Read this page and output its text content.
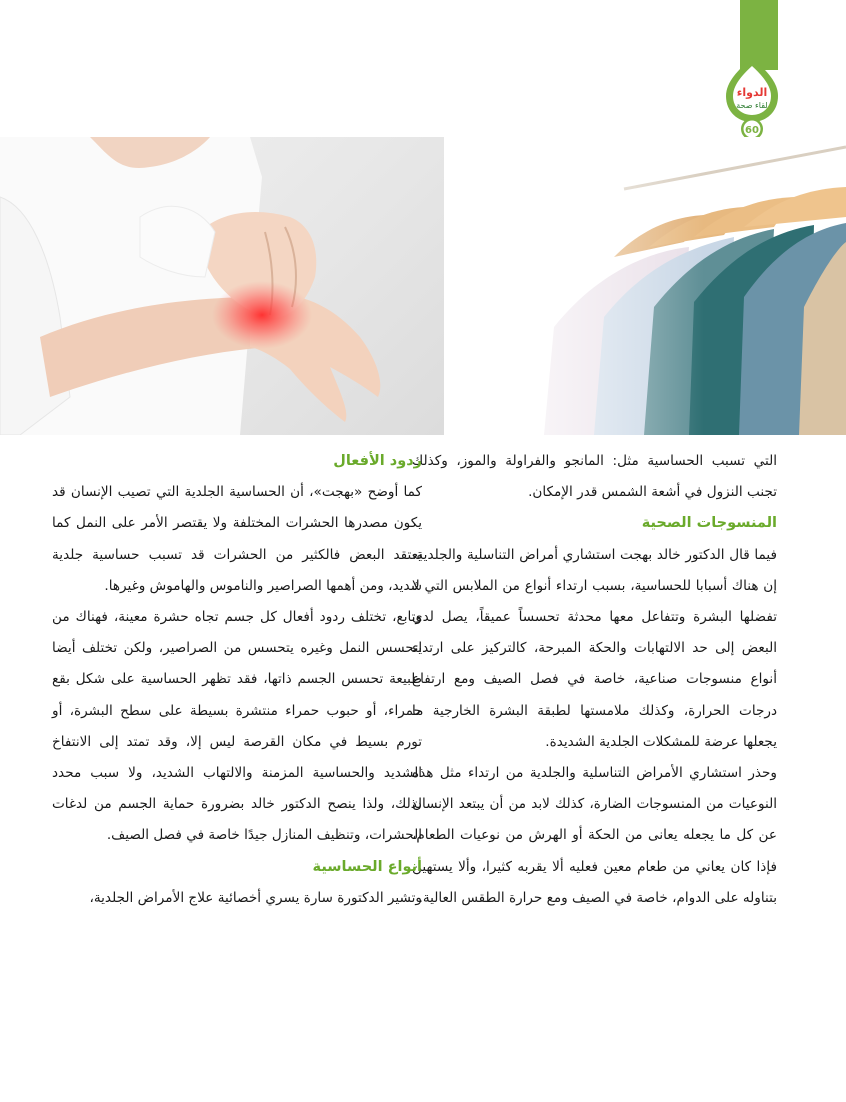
الدواء
لقاء صحة
60

التي تسبب الحساسية مثل: المانجو والفراولة والموز، وكذلك تجنب النزول في أشعة الشمس قدر الإمكان.

المنسوجات الصحية

فيما قال الدكتور خالد بهجت استشاري أمراض التناسلية والجلدية، إن هناك أسبابا للحساسية، بسبب ارتداء أنواع من الملابس التي لا تفضلها البشرة وتتفاعل معها محدثة تحسساً عميقاً، يصل لدى البعض إلى حد الالتهابات والحكة المبرحة، كالتركيز على ارتداء أنواع منسوجات صناعية، خاصة في فصل الصيف ومع ارتفاع درجات الحرارة، وكذلك ملامستها لطبقة البشرة الخارجية ما يجعلها عرضة للمشكلات الجلدية الشديدة.

وحذر استشاري الأمراض التناسلية والجلدية من ارتداء مثل هذه النوعيات من المنسوجات الضارة، كذلك لابد من أن يبتعد الإنسان عن كل ما يجعله يعانى من الحكة أو الهرش من نوعيات الطعام، فإذا كان يعاني من طعام معين فعليه ألا يقربه كثيرا، وألا يستهين بتناوله على الدوام، خاصة في الصيف ومع حرارة الطقس العالية.

ردود الأفعال

كما أوضح «بهجت»، أن الحساسية الجلدية التي تصيب الإنسان قد يكون مصدرها الحشرات المختلفة ولا يقتصر الأمر على النمل كما يعتقد البعض فالكثير من الحشرات قد تسبب حساسية جلدية شديد، ومن أهمها الصراصير والناموس والهاموش وغيرها.

وتابع، تختلف ردود أفعال كل جسم تجاه حشرة معينة، فهناك من يتحسس النمل وغيره يتحسس من الصراصير، ولكن تختلف أيضا طبيعة تحسس الجسم ذاتها، فقد تظهر الحساسية على شكل بقع حمراء، أو حبوب حمراء منتشرة بسيطة على سطح البشرة، أو تورم بسيط في مكان القرصة ليس إلا، وقد تمتد إلى الانتفاخ الشديد والحساسية المزمنة والالتهاب الشديد، ولا سبب محدد لذلك، ولذا ينصح الدكتور خالد بضرورة حماية الجسم من لدغات الحشرات، وتنظيف المنازل جيدًا خاصة في فصل الصيف.

أنواع الحساسية

وتشير الدكتورة سارة يسري أخصائية علاج الأمراض الجلدية،
